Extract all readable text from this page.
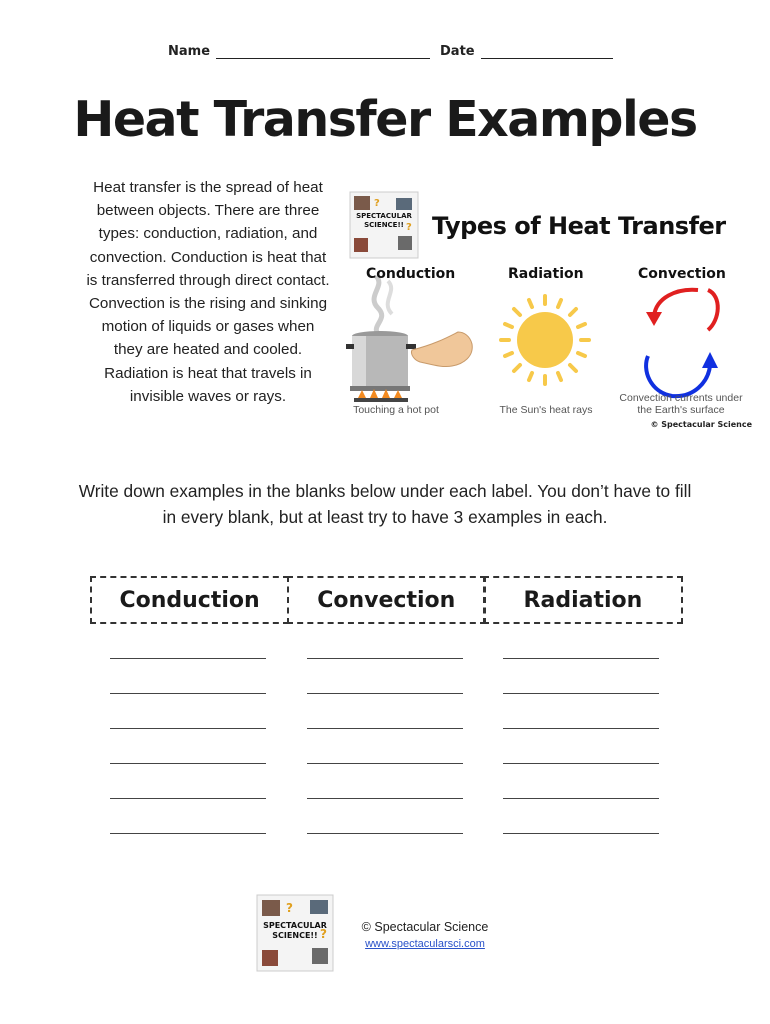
Name	Date
Heat Transfer Examples
Heat transfer is the spread of heat between objects. There are three types: conduction, radiation, and convection. Conduction is heat that is transferred through direct contact. Convection is the rising and sinking motion of liquids or gases when they are heated and cooled. Radiation is heat that travels in invisible waves or rays.
?
?
SPECTACULAR
SCIENCE!! Types of Heat Transfer
Conduction	Radiation	Convection
Touching a hot pot	The Sun's heat rays
Convection currents under the Earth's surface
© Spectacular Science
Write down examples in the blanks below under each label. You don’t have to fill in every blank, but at least try to have 3 examples in each.
Conduction	Convection	Radiation
?
?
SPECTACULAR
SCIENCE!!
© Spectacular Science
www.spectacularsci.com
